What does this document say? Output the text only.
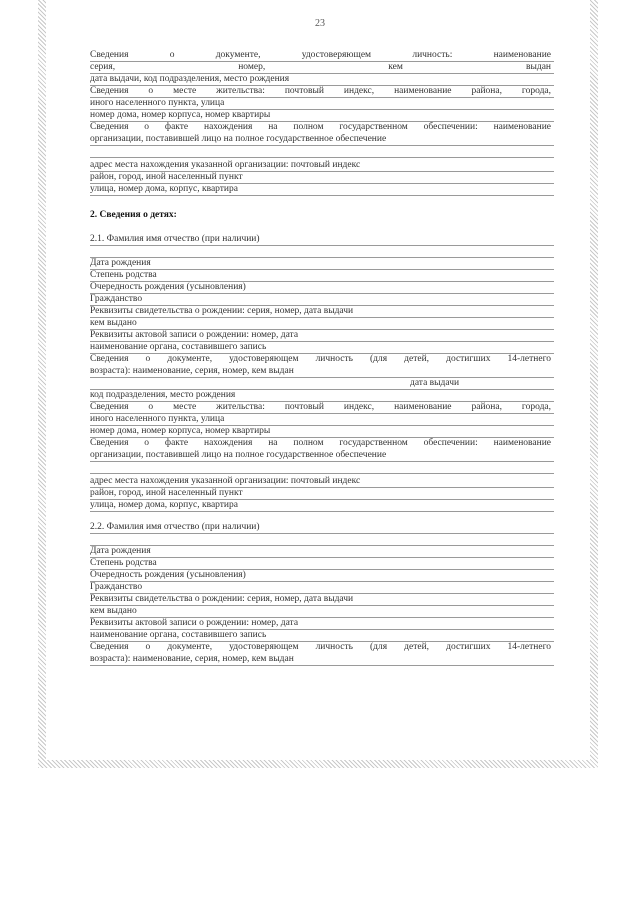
23
Сведения о документе, удостоверяющем личность: наименование
серия, номер, кем выдан
дата выдачи, код подразделения, место рождения
Сведения о месте жительства: почтовый индекс, наименование района, города,
иного населенного пункта, улица
номер дома, номер корпуса, номер квартиры
Сведения о факте нахождения на полном государственном обеспечении: наименование
организации, поставившей лицо на полное государственное обеспечение
адрес места нахождения указанной организации: почтовый индекс
район, город, иной населенный пункт
улица, номер дома, корпус, квартира
2. Сведения о детях:
2.1. Фамилия имя отчество (при наличии)
Дата рождения
Степень родства
Очередность рождения (усыновления)
Гражданство
Реквизиты свидетельства о рождении: серия, номер, дата выдачи
кем выдано
Реквизиты актовой записи о рождении: номер, дата
наименование органа, составившего запись
Сведения о документе, удостоверяющем личность (для детей, достигших 14-летнего
возраста): наименование, серия, номер, кем выдан
дата выдачи
код подразделения, место рождения
Сведения о месте жительства: почтовый индекс, наименование района, города,
иного населенного пункта, улица
номер дома, номер корпуса, номер квартиры
Сведения о факте нахождения на полном государственном обеспечении: наименование
организации, поставившей лицо на полное государственное обеспечение
адрес места нахождения указанной организации: почтовый индекс
район, город, иной населенный пункт
улица, номер дома, корпус, квартира
2.2. Фамилия имя отчество (при наличии)
Дата рождения
Степень родства
Очередность рождения (усыновления)
Гражданство
Реквизиты свидетельства о рождении: серия, номер, дата выдачи
кем выдано
Реквизиты актовой записи о рождении: номер, дата
наименование органа, составившего запись
Сведения о документе, удостоверяющем личность (для детей, достигших 14-летнего
возраста): наименование, серия, номер, кем выдан
